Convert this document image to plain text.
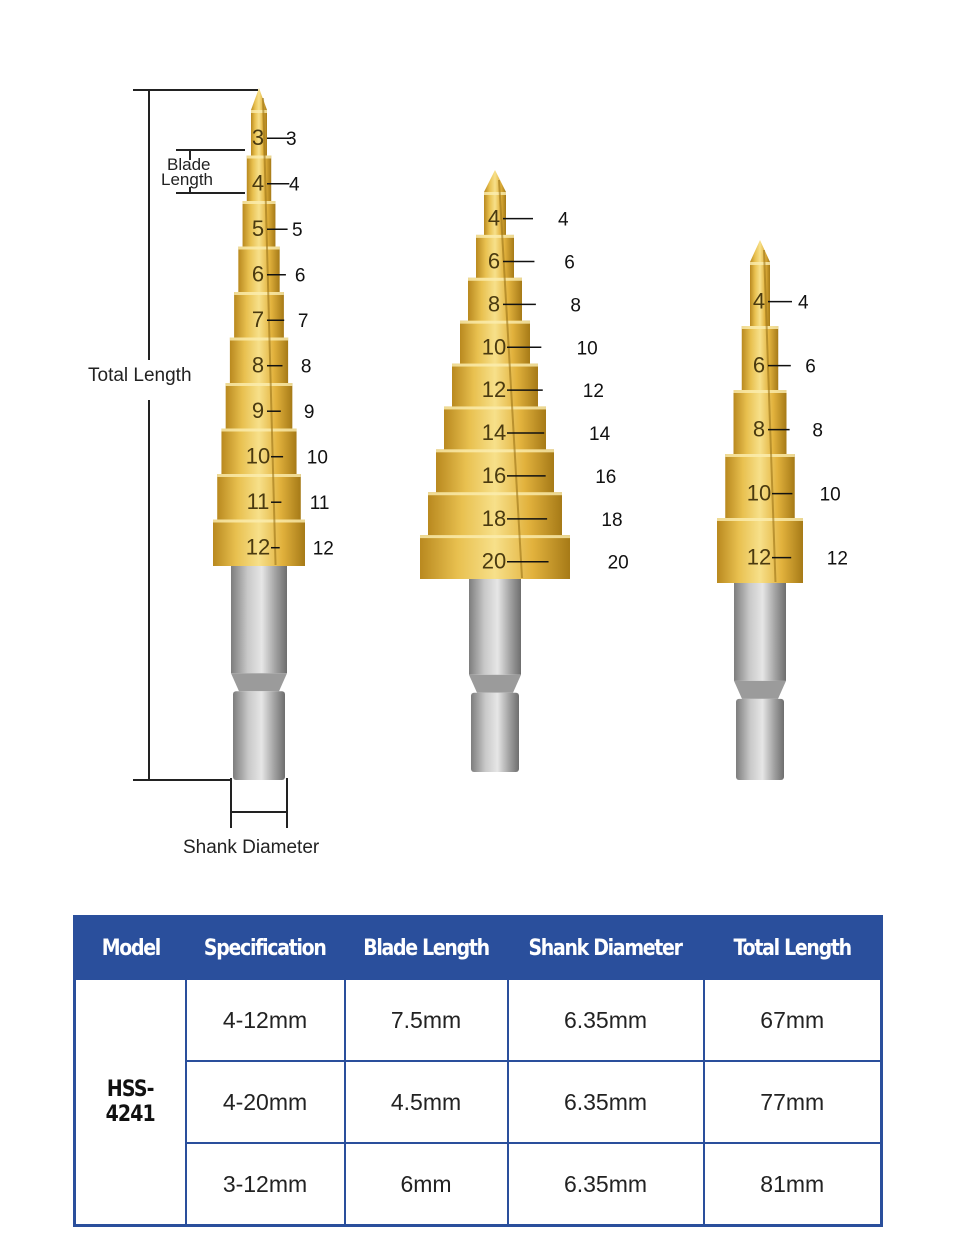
Total Length
Blade
Length
Shank Diameter
3 3
4 4
5 5
6 6
7 7
8 8
9 9
10 10
11 11
12 12
4	4
6	6
8	8
10	10
12	12
14	14
16	16
18	18
20	20
4 4
6 6
8 8
10	10
12	12
Model	Specification	Blade Length	Shank Diameter	Total Length
HSS-4241	4-12mm	7.5mm	6.35mm	67mm
	4-20mm	4.5mm	6.35mm	77mm
	3-12mm	6mm	6.35mm	81mm
